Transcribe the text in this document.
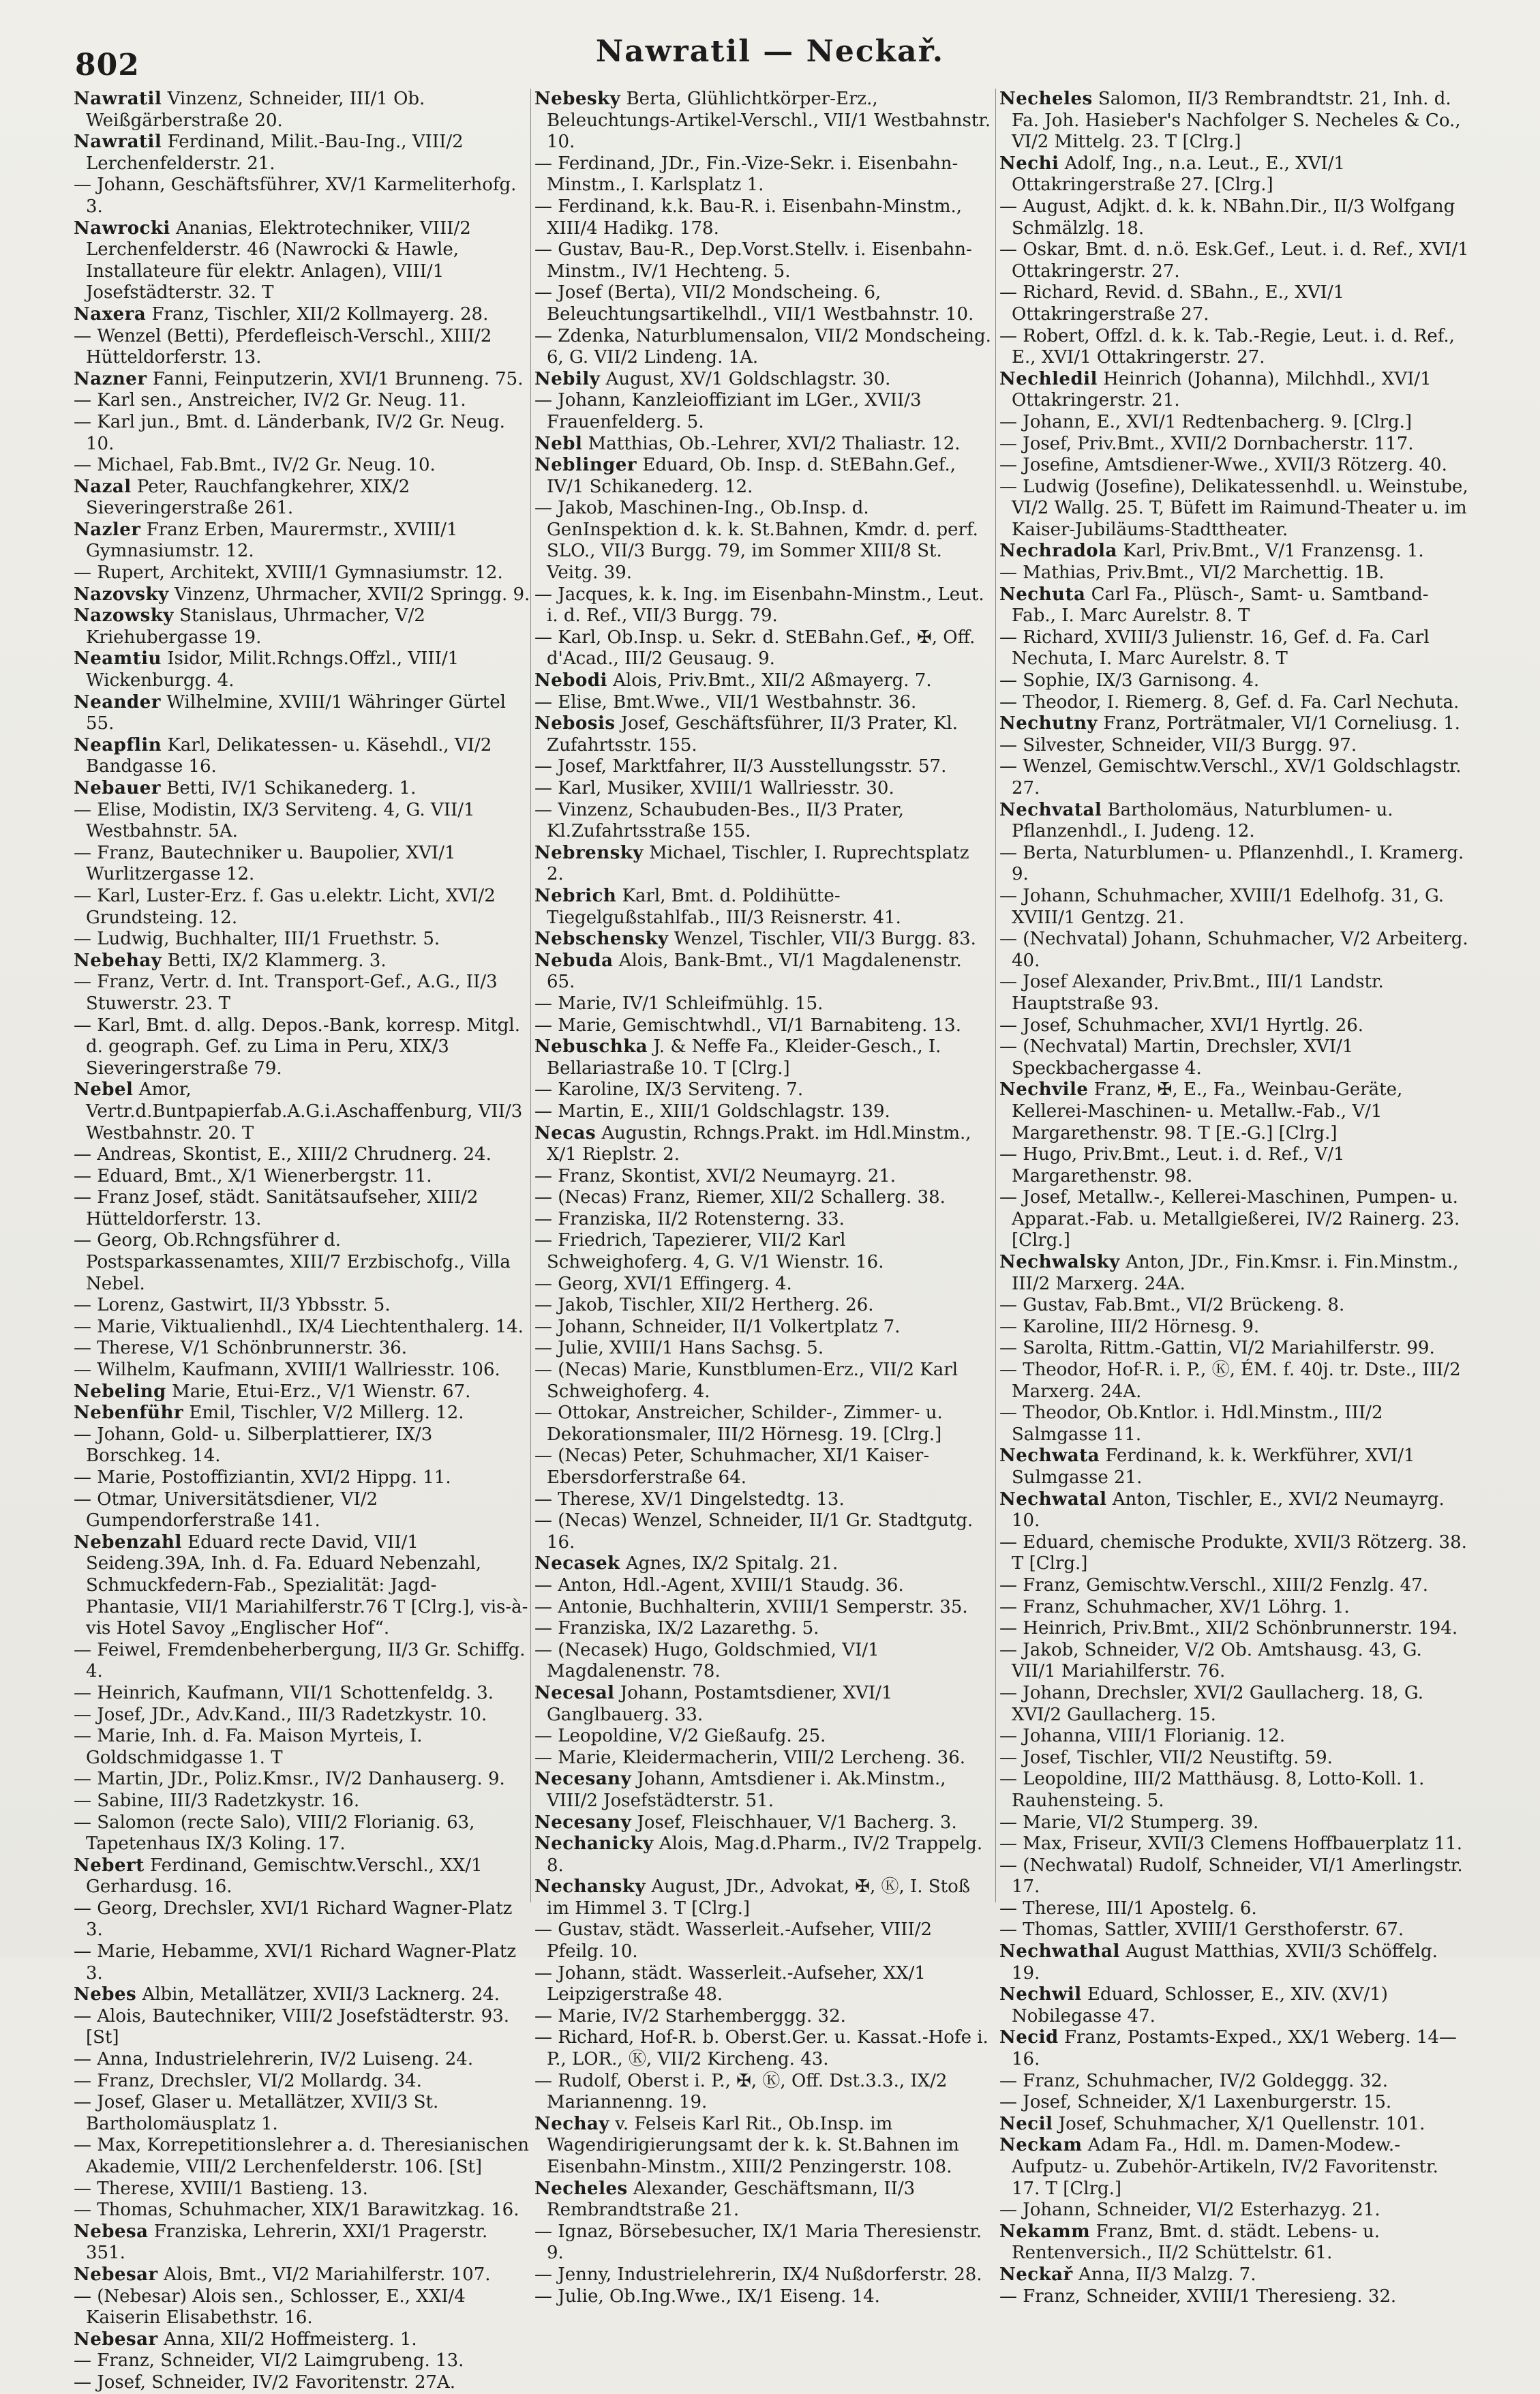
802	Nawratil — Neckař.

Nawratil Vinzenz, Schneider, III/1 Ob. Weißgärberstraße 20.

Nawratil Ferdinand, Milit.-Bau-Ing., VIII/2 Lerchenfelderstr. 21.

— Johann, Geschäftsführer, XV/1 Karmeliterhofg. 3.

Nawrocki Ananias, Elektrotechniker, VIII/2 Lerchenfelderstr. 46 (Nawrocki & Hawle, Installateure für elektr. Anlagen), VIII/1 Josefstädterstr. 32. T

Naxera Franz, Tischler, XII/2 Kollmayerg. 28.

— Wenzel (Betti), Pferdefleisch-Verschl., XIII/2 Hütteldorferstr. 13.

Nazner Fanni, Feinputzerin, XVI/1 Brunneng. 75.

— Karl sen., Anstreicher, IV/2 Gr. Neug. 11.

— Karl jun., Bmt. d. Länderbank, IV/2 Gr. Neug. 10.

— Michael, Fab.Bmt., IV/2 Gr. Neug. 10.

Nazal Peter, Rauchfangkehrer, XIX/2 Sieveringerstraße 261.

Nazler Franz Erben, Maurermstr., XVIII/1 Gymnasiumstr. 12.

— Rupert, Architekt, XVIII/1 Gymnasiumstr. 12.

Nazovsky Vinzenz, Uhrmacher, XVII/2 Springg. 9.

Nazowsky Stanislaus, Uhrmacher, V/2 Kriehubergasse 19.

Neamtiu Isidor, Milit.Rchngs.Offzl., VIII/1 Wickenburgg. 4.

Neander Wilhelmine, XVIII/1 Währinger Gürtel 55.

Neapflin Karl, Delikatessen- u. Käsehdl., VI/2 Bandgasse 16.

Nebauer Betti, IV/1 Schikanederg. 1.

— Elise, Modistin, IX/3 Serviteng. 4, G. VII/1 Westbahnstr. 5A.

— Franz, Bautechniker u. Baupolier, XVI/1 Wurlitzergasse 12.

— Karl, Luster-Erz. f. Gas u.elektr. Licht, XVI/2 Grundsteing. 12.

— Ludwig, Buchhalter, III/1 Fruethstr. 5.

Nebehay Betti, IX/2 Klammerg. 3.

— Franz, Vertr. d. Int. Transport-Gef., A.G., II/3 Stuwerstr. 23. T

— Karl, Bmt. d. allg. Depos.-Bank, korresp. Mitgl. d. geograph. Gef. zu Lima in Peru, XIX/3 Sieveringerstraße 79.

Nebel Amor, Vertr.d.Buntpapierfab.A.G.i.Aschaffenburg, VII/3 Westbahnstr. 20. T

— Andreas, Skontist, E., XIII/2 Chrudnerg. 24.

— Eduard, Bmt., X/1 Wienerbergstr. 11.

— Franz Josef, städt. Sanitätsaufseher, XIII/2 Hütteldorferstr. 13.

— Georg, Ob.Rchngsführer d. Postsparkassenamtes, XIII/7 Erzbischofg., Villa Nebel.

— Lorenz, Gastwirt, II/3 Ybbsstr. 5.

— Marie, Viktualienhdl., IX/4 Liechtenthalerg. 14.

— Therese, V/1 Schönbrunnerstr. 36.

— Wilhelm, Kaufmann, XVIII/1 Wallriesstr. 106.

Nebeling Marie, Etui-Erz., V/1 Wienstr. 67.

Nebenführ Emil, Tischler, V/2 Millerg. 12.

— Johann, Gold- u. Silberplattierer, IX/3 Borschkeg. 14.

— Marie, Postoffiziantin, XVI/2 Hippg. 11.

— Otmar, Universitätsdiener, VI/2 Gumpendorferstraße 141.

Nebenzahl Eduard recte David, VII/1 Seideng.39A, Inh. d. Fa. Eduard Nebenzahl, Schmuckfedern-Fab., Spezialität: Jagd-Phantasie, VII/1 Mariahilferstr.76 T [Clrg.], vis-à-vis Hotel Savoy „Englischer Hof“.

— Feiwel, Fremdenbeherbergung, II/3 Gr. Schiffg. 4.

— Heinrich, Kaufmann, VII/1 Schottenfeldg. 3.

— Josef, JDr., Adv.Kand., III/3 Radetzkystr. 10.

— Marie, Inh. d. Fa. Maison Myrteis, I. Goldschmidgasse 1. T

— Martin, JDr., Poliz.Kmsr., IV/2 Danhauserg. 9.

— Sabine, III/3 Radetzkystr. 16.

— Salomon (recte Salo), VIII/2 Florianig. 63, Tapetenhaus IX/3 Koling. 17.

Nebert Ferdinand, Gemischtw.Verschl., XX/1 Gerhardusg. 16.

— Georg, Drechsler, XVI/1 Richard Wagner-Platz 3.

— Marie, Hebamme, XVI/1 Richard Wagner-Platz 3.

Nebes Albin, Metallätzer, XVII/3 Lacknerg. 24.

— Alois, Bautechniker, VIII/2 Josefstädterstr. 93. [St]

— Anna, Industrielehrerin, IV/2 Luiseng. 24.

— Franz, Drechsler, VI/2 Mollardg. 34.

— Josef, Glaser u. Metallätzer, XVII/3 St. Bartholomäusplatz 1.

— Max, Korrepetitionslehrer a. d. Theresianischen Akademie, VIII/2 Lerchenfelderstr. 106. [St]

— Therese, XVIII/1 Bastieng. 13.

— Thomas, Schuhmacher, XIX/1 Barawitzkag. 16.

Nebesa Franziska, Lehrerin, XXI/1 Pragerstr. 351.

Nebesar Alois, Bmt., VI/2 Mariahilferstr. 107.

— (Nebesar) Alois sen., Schlosser, E., XXI/4 Kaiserin Elisabethstr. 16.

Nebesar Anna, XII/2 Hoffmeisterg. 1.

— Franz, Schneider, VI/2 Laimgrubeng. 13.

— Josef, Schneider, IV/2 Favoritenstr. 27A.

Nebesky Berta, Glühlichtkörper-Erz., Beleuchtungs-Artikel-Verschl., VII/1 Westbahnstr. 10.

— Ferdinand, JDr., Fin.-Vize-Sekr. i. Eisenbahn-Minstm., I. Karlsplatz 1.

— Ferdinand, k.k. Bau-R. i. Eisenbahn-Minstm., XIII/4 Hadikg. 178.

— Gustav, Bau-R., Dep.Vorst.Stellv. i. Eisenbahn-Minstm., IV/1 Hechteng. 5.

— Josef (Berta), VII/2 Mondscheing. 6, Beleuchtungsartikelhdl., VII/1 Westbahnstr. 10.

— Zdenka, Naturblumensalon, VII/2 Mondscheing. 6, G. VII/2 Lindeng. 1A.

Nebily August, XV/1 Goldschlagstr. 30.

— Johann, Kanzleioffiziant im LGer., XVII/3 Frauenfelderg. 5.

Nebl Matthias, Ob.-Lehrer, XVI/2 Thaliastr. 12.

Neblinger Eduard, Ob. Insp. d. StEBahn.Gef., IV/1 Schikanederg. 12.

— Jakob, Maschinen-Ing., Ob.Insp. d. GenInspektion d. k. k. St.Bahnen, Kmdr. d. perf. SLO., VII/3 Burgg. 79, im Sommer XIII/8 St. Veitg. 39.

— Jacques, k. k. Ing. im Eisenbahn-Minstm., Leut. i. d. Ref., VII/3 Burgg. 79.

— Karl, Ob.Insp. u. Sekr. d. StEBahn.Gef., ✠, Off. d'Acad., III/2 Geusaug. 9.

Nebodi Alois, Priv.Bmt., XII/2 Aßmayerg. 7.

— Elise, Bmt.Wwe., VII/1 Westbahnstr. 36.

Nebosis Josef, Geschäftsführer, II/3 Prater, Kl. Zufahrtsstr. 155.

— Josef, Marktfahrer, II/3 Ausstellungsstr. 57.

— Karl, Musiker, XVIII/1 Wallriesstr. 30.

— Vinzenz, Schaubuden-Bes., II/3 Prater, Kl.Zufahrtsstraße 155.

Nebrensky Michael, Tischler, I. Ruprechtsplatz 2.

Nebrich Karl, Bmt. d. Poldihütte-Tiegelgußstahlfab., III/3 Reisnerstr. 41.

Nebschensky Wenzel, Tischler, VII/3 Burgg. 83.

Nebuda Alois, Bank-Bmt., VI/1 Magdalenenstr. 65.

— Marie, IV/1 Schleifmühlg. 15.

— Marie, Gemischtwhdl., VI/1 Barnabiteng. 13.

Nebuschka J. & Neffe Fa., Kleider-Gesch., I. Bellariastraße 10. T [Clrg.]

— Karoline, IX/3 Serviteng. 7.

— Martin, E., XIII/1 Goldschlagstr. 139.

Necas Augustin, Rchngs.Prakt. im Hdl.Minstm., X/1 Rieplstr. 2.

— Franz, Skontist, XVI/2 Neumayrg. 21.

— (Necas) Franz, Riemer, XII/2 Schallerg. 38.

— Franziska, II/2 Rotensterng. 33.

— Friedrich, Tapezierer, VII/2 Karl Schweighoferg. 4, G. V/1 Wienstr. 16.

— Georg, XVI/1 Effingerg. 4.

— Jakob, Tischler, XII/2 Hertherg. 26.

— Johann, Schneider, II/1 Volkertplatz 7.

— Julie, XVIII/1 Hans Sachsg. 5.

— (Necas) Marie, Kunstblumen-Erz., VII/2 Karl Schweighoferg. 4.

— Ottokar, Anstreicher, Schilder-, Zimmer- u. Dekorationsmaler, III/2 Hörnesg. 19. [Clrg.]

— (Necas) Peter, Schuhmacher, XI/1 Kaiser-Ebersdorferstraße 64.

— Therese, XV/1 Dingelstedtg. 13.

— (Necas) Wenzel, Schneider, II/1 Gr. Stadtgutg. 16.

Necasek Agnes, IX/2 Spitalg. 21.

— Anton, Hdl.-Agent, XVIII/1 Staudg. 36.

— Antonie, Buchhalterin, XVIII/1 Semperstr. 35.

— Franziska, IX/2 Lazarethg. 5.

— (Necasek) Hugo, Goldschmied, VI/1 Magdalenenstr. 78.

Necesal Johann, Postamtsdiener, XVI/1 Ganglbauerg. 33.

— Leopoldine, V/2 Gießaufg. 25.

— Marie, Kleidermacherin, VIII/2 Lercheng. 36.

Necesany Johann, Amtsdiener i. Ak.Minstm., VIII/2 Josefstädterstr. 51.

Necesany Josef, Fleischhauer, V/1 Bacherg. 3.

Nechanicky Alois, Mag.d.Pharm., IV/2 Trappelg. 8.

Nechansky August, JDr., Advokat, ✠, Ⓚ, I. Stoß im Himmel 3. T [Clrg.]

— Gustav, städt. Wasserleit.-Aufseher, VIII/2 Pfeilg. 10.

— Johann, städt. Wasserleit.-Aufseher, XX/1 Leipzigerstraße 48.

— Marie, IV/2 Starhemberggg. 32.

— Richard, Hof-R. b. Oberst.Ger. u. Kassat.-Hofe i. P., LOR., Ⓚ, VII/2 Kircheng. 43.

— Rudolf, Oberst i. P., ✠, Ⓚ, Off. Dst.3.3., IX/2 Mariannenng. 19.

Nechay v. Felseis Karl Rit., Ob.Insp. im Wagendirigierungsamt der k. k. St.Bahnen im Eisenbahn-Minstm., XIII/2 Penzingerstr. 108.

Necheles Alexander, Geschäftsmann, II/3 Rembrandtstraße 21.

— Ignaz, Börsebesucher, IX/1 Maria Theresienstr. 9.

— Jenny, Industrielehrerin, IX/4 Nußdorferstr. 28.

— Julie, Ob.Ing.Wwe., IX/1 Eiseng. 14.

Necheles Salomon, II/3 Rembrandtstr. 21, Inh. d. Fa. Joh. Hasieber's Nachfolger S. Necheles & Co., VI/2 Mittelg. 23. T [Clrg.]

Nechi Adolf, Ing., n.a. Leut., E., XVI/1 Ottakringerstraße 27. [Clrg.]

— August, Adjkt. d. k. k. NBahn.Dir., II/3 Wolfgang Schmälzlg. 18.

— Oskar, Bmt. d. n.ö. Esk.Gef., Leut. i. d. Ref., XVI/1 Ottakringerstr. 27.

— Richard, Revid. d. SBahn., E., XVI/1 Ottakringerstraße 27.

— Robert, Offzl. d. k. k. Tab.-Regie, Leut. i. d. Ref., E., XVI/1 Ottakringerstr. 27.

Nechledil Heinrich (Johanna), Milchhdl., XVI/1 Ottakringerstr. 21.

— Johann, E., XVI/1 Redtenbacherg. 9. [Clrg.]

— Josef, Priv.Bmt., XVII/2 Dornbacherstr. 117.

— Josefine, Amtsdiener-Wwe., XVII/3 Rötzerg. 40.

— Ludwig (Josefine), Delikatessenhdl. u. Weinstube, VI/2 Wallg. 25. T, Büfett im Raimund-Theater u. im Kaiser-Jubiläums-Stadttheater.

Nechradola Karl, Priv.Bmt., V/1 Franzensg. 1.

— Mathias, Priv.Bmt., VI/2 Marchettig. 1B.

Nechuta Carl Fa., Plüsch-, Samt- u. Samtband-Fab., I. Marc Aurelstr. 8. T

— Richard, XVIII/3 Julienstr. 16, Gef. d. Fa. Carl Nechuta, I. Marc Aurelstr. 8. T

— Sophie, IX/3 Garnisong. 4.

— Theodor, I. Riemerg. 8, Gef. d. Fa. Carl Nechuta.

Nechutny Franz, Porträtmaler, VI/1 Corneliusg. 1.

— Silvester, Schneider, VII/3 Burgg. 97.

— Wenzel, Gemischtw.Verschl., XV/1 Goldschlagstr. 27.

Nechvatal Bartholomäus, Naturblumen- u. Pflanzenhdl., I. Judeng. 12.

— Berta, Naturblumen- u. Pflanzenhdl., I. Kramerg. 9.

— Johann, Schuhmacher, XVIII/1 Edelhofg. 31, G. XVIII/1 Gentzg. 21.

— (Nechvatal) Johann, Schuhmacher, V/2 Arbeiterg. 40.

— Josef Alexander, Priv.Bmt., III/1 Landstr. Hauptstraße 93.

— Josef, Schuhmacher, XVI/1 Hyrtlg. 26.

— (Nechvatal) Martin, Drechsler, XVI/1 Speckbachergasse 4.

Nechvile Franz, ✠, E., Fa., Weinbau-Geräte, Kellerei-Maschinen- u. Metallw.-Fab., V/1 Margarethenstr. 98. T [E.-G.] [Clrg.]

— Hugo, Priv.Bmt., Leut. i. d. Ref., V/1 Margarethenstr. 98.

— Josef, Metallw.-, Kellerei-Maschinen, Pumpen- u. Apparat.-Fab. u. Metallgießerei, IV/2 Rainerg. 23. [Clrg.]

Nechwalsky Anton, JDr., Fin.Kmsr. i. Fin.Minstm., III/2 Marxerg. 24A.

— Gustav, Fab.Bmt., VI/2 Brückeng. 8.

— Karoline, III/2 Hörnesg. 9.

— Sarolta, Rittm.-Gattin, VI/2 Mariahilferstr. 99.

— Theodor, Hof-R. i. P., Ⓚ, ÉM. f. 40j. tr. Dste., III/2 Marxerg. 24A.

— Theodor, Ob.Kntlor. i. Hdl.Minstm., III/2 Salmgasse 11.

Nechwata Ferdinand, k. k. Werkführer, XVI/1 Sulmgasse 21.

Nechwatal Anton, Tischler, E., XVI/2 Neumayrg. 10.

— Eduard, chemische Produkte, XVII/3 Rötzerg. 38. T [Clrg.]

— Franz, Gemischtw.Verschl., XIII/2 Fenzlg. 47.

— Franz, Schuhmacher, XV/1 Löhrg. 1.

— Heinrich, Priv.Bmt., XII/2 Schönbrunnerstr. 194.

— Jakob, Schneider, V/2 Ob. Amtshausg. 43, G. VII/1 Mariahilferstr. 76.

— Johann, Drechsler, XVI/2 Gaullacherg. 18, G. XVI/2 Gaullacherg. 15.

— Johanna, VIII/1 Florianig. 12.

— Josef, Tischler, VII/2 Neustiftg. 59.

— Leopoldine, III/2 Matthäusg. 8, Lotto-Koll. 1. Rauhensteing. 5.

— Marie, VI/2 Stumperg. 39.

— Max, Friseur, XVII/3 Clemens Hoffbauerplatz 11.

— (Nechwatal) Rudolf, Schneider, VI/1 Amerlingstr. 17.

— Therese, III/1 Apostelg. 6.

— Thomas, Sattler, XVIII/1 Gersthoferstr. 67.

Nechwathal August Matthias, XVII/3 Schöffelg. 19.

Nechwil Eduard, Schlosser, E., XIV. (XV/1) Nobilegasse 47.

Necid Franz, Postamts-Exped., XX/1 Weberg. 14—16.

— Franz, Schuhmacher, IV/2 Goldeggg. 32.

— Josef, Schneider, X/1 Laxenburgerstr. 15.

Necil Josef, Schuhmacher, X/1 Quellenstr. 101.

Neckam Adam Fa., Hdl. m. Damen-Modew.-Aufputz- u. Zubehör-Artikeln, IV/2 Favoritenstr. 17. T [Clrg.]

— Johann, Schneider, VI/2 Esterhazyg. 21.

Nekamm Franz, Bmt. d. städt. Lebens- u. Rentenversich., II/2 Schüttelstr. 61.

Neckař Anna, II/3 Malzg. 7.

— Franz, Schneider, XVIII/1 Theresieng. 32.
